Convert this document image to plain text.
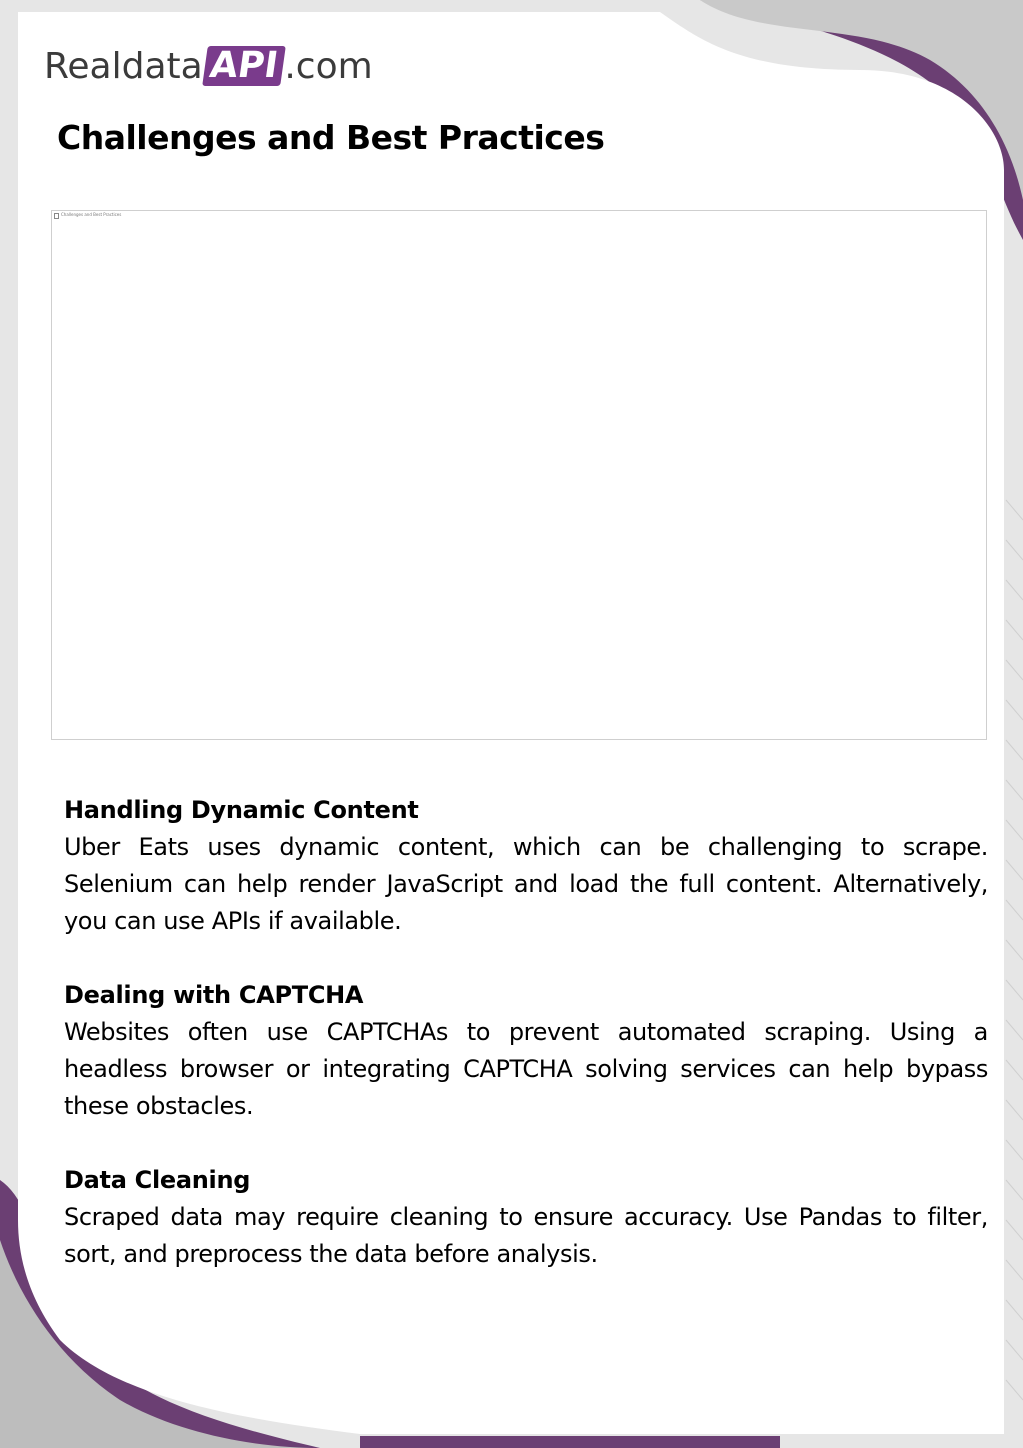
Realdata API .com
Challenges and Best Practices
Challenges and Best Practices
Handling Dynamic Content

Uber Eats uses dynamic content, which can be challenging to scrape. Selenium can help render JavaScript and load the full content. Alternatively, you can use APIs if available.

Dealing with CAPTCHA

Websites often use CAPTCHAs to prevent automated scraping. Using a headless browser or integrating CAPTCHA solving services can help bypass these obstacles.

Data Cleaning

Scraped data may require cleaning to ensure accuracy. Use Pandas to filter, sort, and preprocess the data before analysis.
